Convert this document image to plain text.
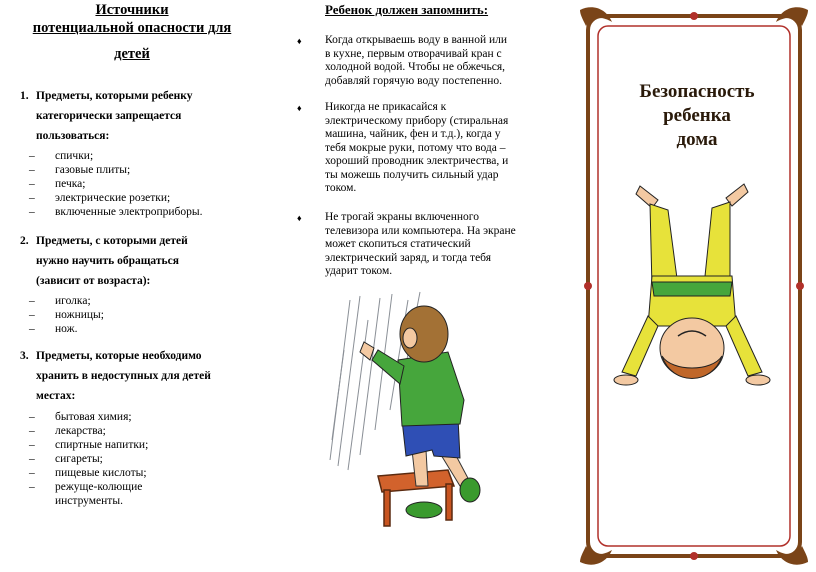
Источники
потенциальной опасности для
детей
1. Предметы, которыми ребенку
категорически запрещается
пользоваться:
– спички;
– газовые плиты;
– печка;
– электрические розетки;
– включенные электроприборы.
2. Предметы, с которыми детей
нужно научить обращаться
(зависит от возраста):
– иголка;
– ножницы;
– нож.
3. Предметы, которые необходимо
хранить в недоступных для детей
местах:
– бытовая химия;
– лекарства;
– спиртные напитки;
– сигареты;
– пищевые кислоты;
– режуще-колющие
инструменты.
Ребенок должен запомнить:
♦ Когда открываешь воду в ванной или
в кухне, первым отворачивай кран с
холодной водой. Чтобы не обжечься,
добавляй горячую воду постепенно.
♦ Никогда не прикасайся к
электрическому прибору (стиральная
машина, чайник, фен и т.д.), когда у
тебя мокрые руки, потому что вода –
хороший проводник электричества, и
ты можешь получить сильный удар
током.
♦ Не трогай экраны включенного
телевизора или компьютера. На экране
может скопиться статический
электрический заряд, и тогда тебя
ударит током.
Безопасность
ребенка
дома
